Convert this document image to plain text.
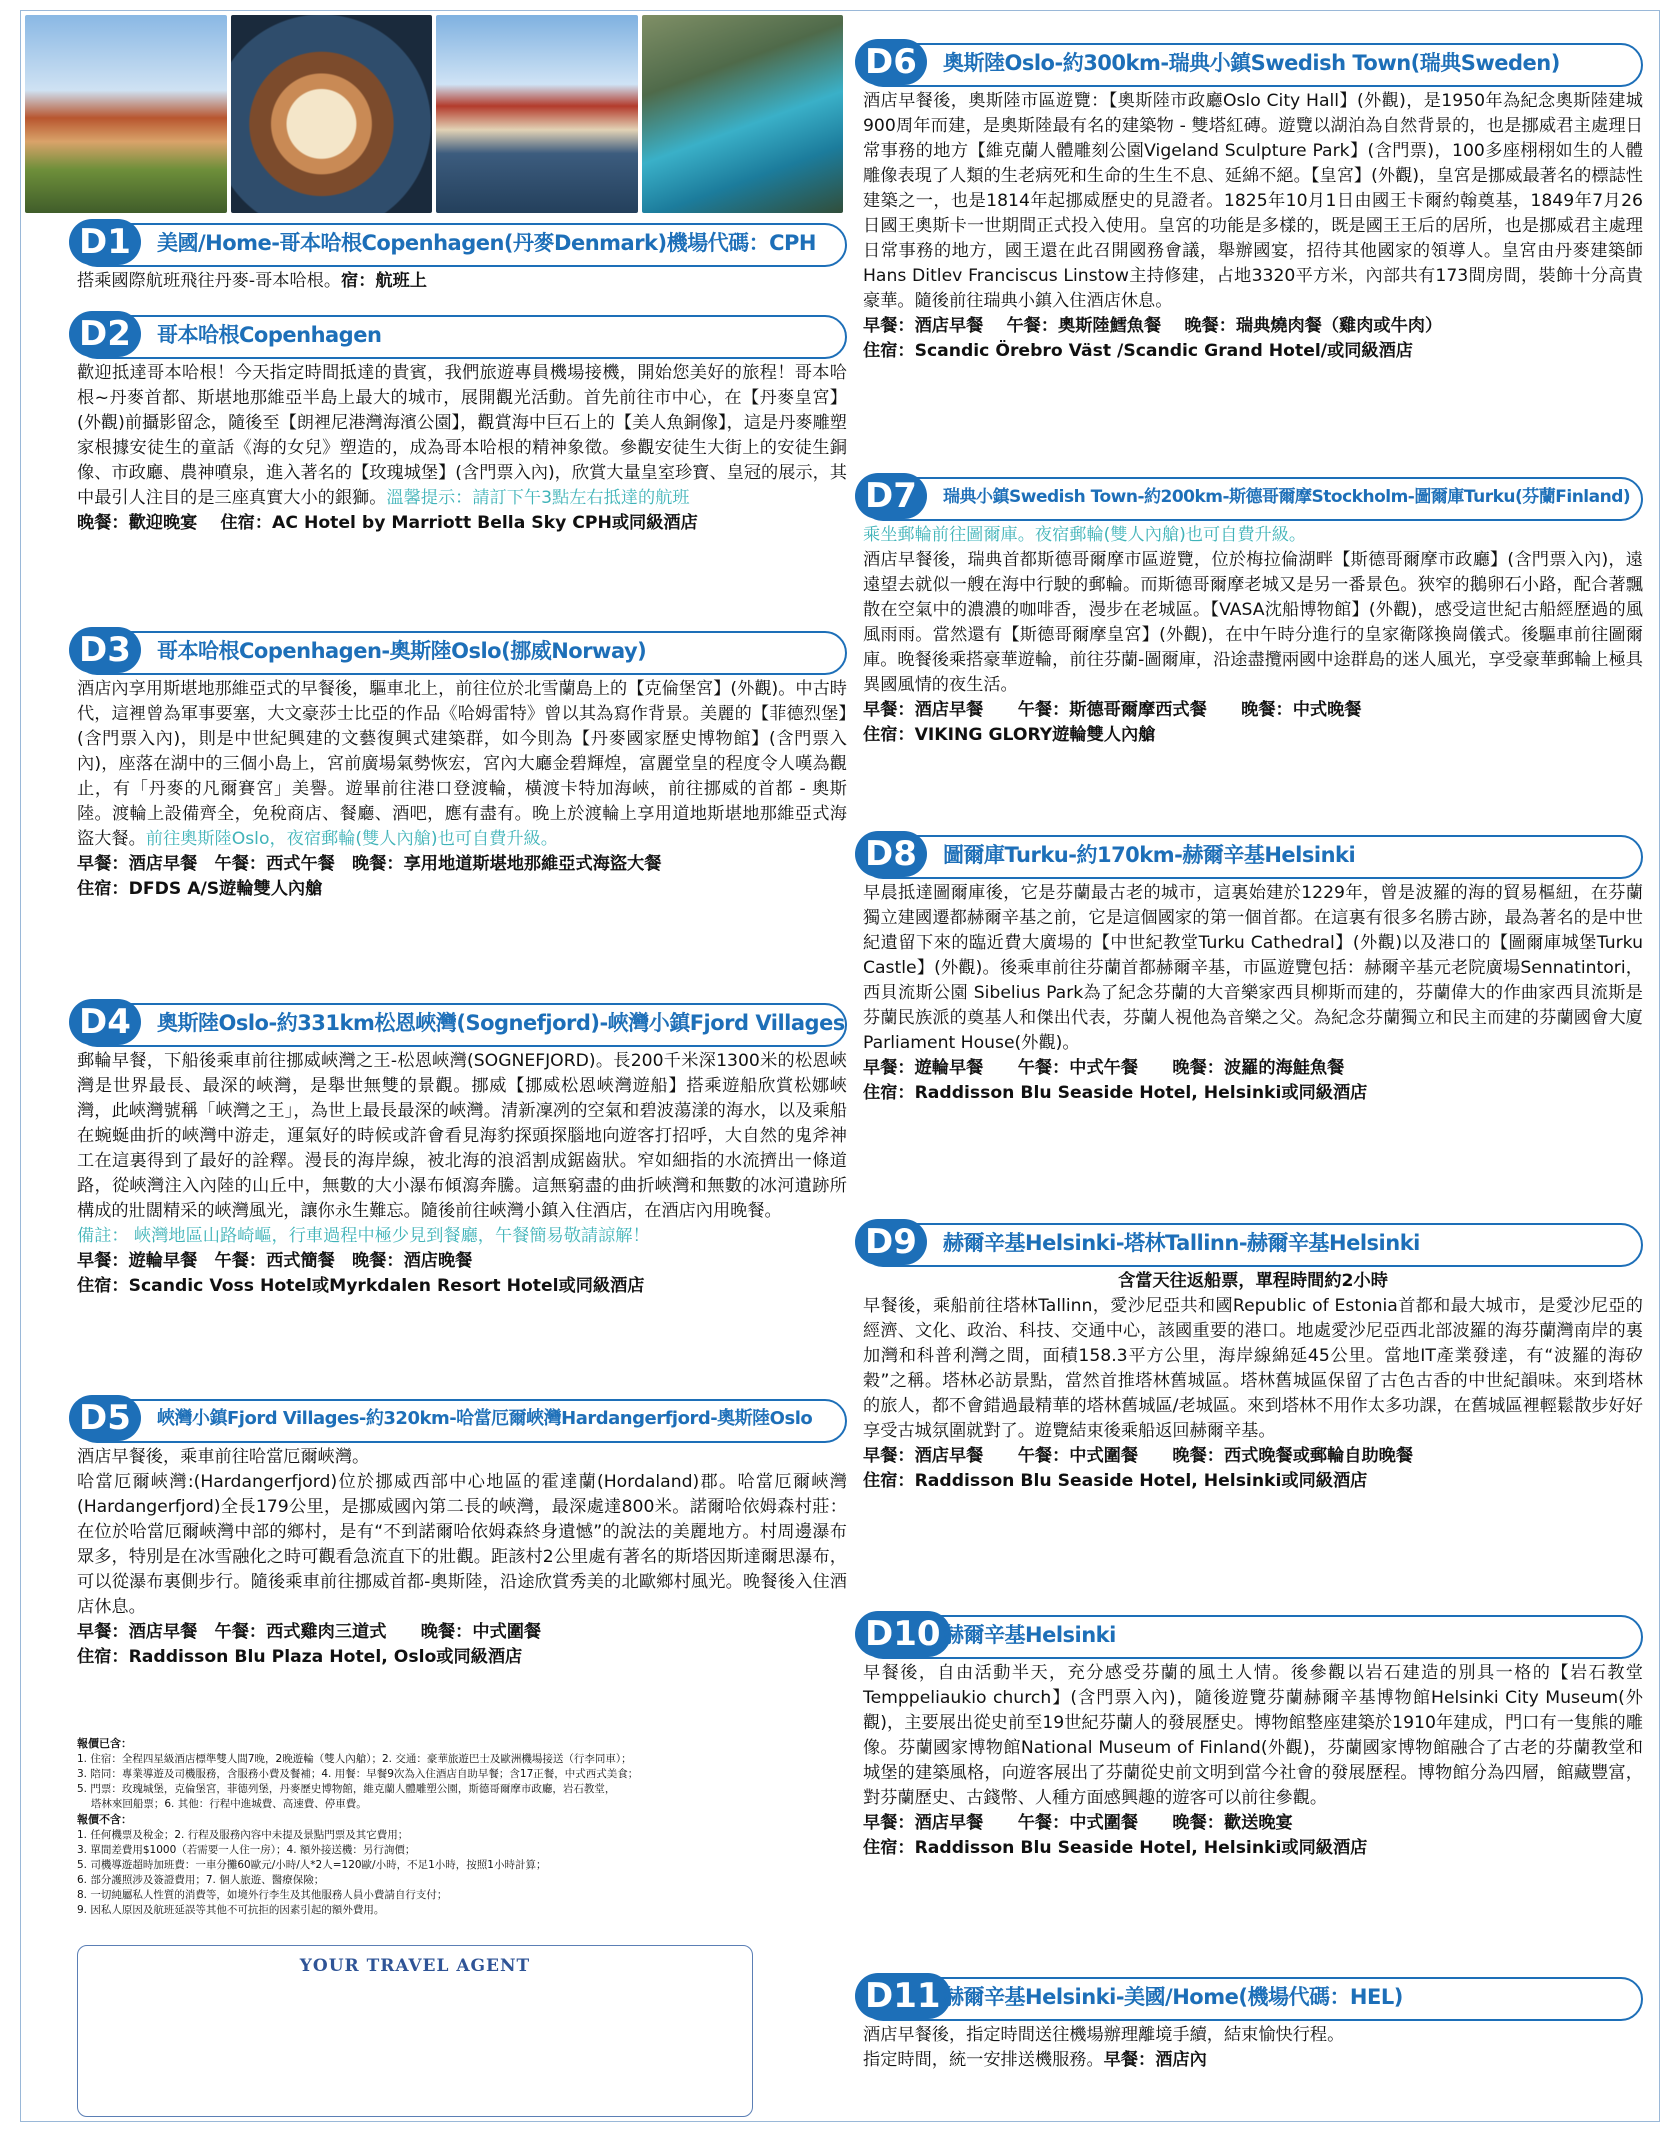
D1	美國/Home-哥本哈根Copenhagen(丹麥Denmark)機場代碼：CPH

搭乘國際航班飛往丹麥-哥本哈根。宿：航班上

D2	哥本哈根Copenhagen

歡迎抵達哥本哈根！今天指定時間抵達的貴賓，我們旅遊專員機場接機，開始您美好的旅程！哥本哈根~丹麥首都、斯堪地那維亞半島上最大的城市，展開觀光活動。首先前往市中心，在【丹麥皇宮】(外觀)前攝影留念，隨後至【朗裡尼港灣海濱公園】，觀賞海中巨石上的【美人魚銅像】，這是丹麥雕塑家根據安徒生的童話《海的女兒》塑造的，成為哥本哈根的精神象徵。參觀安徒生大街上的安徒生銅像、市政廳、農神噴泉，進入著名的【玫瑰城堡】(含門票入內)，欣賞大量皇室珍寶、皇冠的展示，其中最引人注目的是三座真實大小的銀獅。溫馨提示：請訂下午3點左右抵達的航班

晚餐：歡迎晚宴　 住宿：AC Hotel by Marriott Bella Sky CPH或同級酒店

D3	哥本哈根Copenhagen-奧斯陸Oslo(挪威Norway)

酒店內享用斯堪地那維亞式的早餐後，驅車北上，前往位於北雪蘭島上的【克倫堡宮】(外觀)。中古時代，這裡曾為軍事要塞，大文豪莎士比亞的作品《哈姆雷特》曾以其為寫作背景。美麗的【菲德烈堡】(含門票入內)，則是中世紀興建的文藝復興式建築群，如今則為【丹麥國家歷史博物館】(含門票入內)，座落在湖中的三個小島上，宮前廣場氣勢恢宏，宮內大廳金碧輝煌，富麗堂皇的程度令人嘆為觀止，有「丹麥的凡爾賽宮」美譽。遊畢前往港口登渡輪，橫渡卡特加海峽，前往挪威的首都 - 奧斯陸。渡輪上設備齊全，免稅商店、餐廳、酒吧，應有盡有。晚上於渡輪上享用道地斯堪地那維亞式海盜大餐。前往奧斯陸Oslo，夜宿郵輪(雙人內艙)也可自費升級。

早餐：酒店早餐　午餐：西式午餐　晚餐：享用地道斯堪地那維亞式海盜大餐

住宿：DFDS A/S遊輪雙人內艙

D4	奧斯陸Oslo-約331km松恩峽灣(Sognefjord)-峽灣小鎮Fjord Villages

郵輪早餐，下船後乘車前往挪威峽灣之王-松恩峽灣(SOGNEFJORD)。長200千米深1300米的松恩峽灣是世界最長、最深的峽灣，是舉世無雙的景觀。挪威【挪威松恩峽灣遊船】搭乘遊船欣賞松娜峽灣，此峽灣號稱「峽灣之王」，為世上最長最深的峽灣。清新凜冽的空氣和碧波蕩漾的海水，以及乘船在蜿蜒曲折的峽灣中游走，運氣好的時候或許會看見海豹探頭探腦地向遊客打招呼，大自然的鬼斧神工在這裏得到了最好的詮釋。漫長的海岸線，被北海的浪滔割成鋸齒狀。窄如細指的水流擠出一條道路，從峽灣注入內陸的山丘中，無數的大小瀑布傾瀉奔騰。這無窮盡的曲折峽灣和無數的冰河遺跡所構成的壯闊精采的峽灣風光，讓你永生難忘。隨後前往峽灣小鎮入住酒店，在酒店內用晚餐。

備註： 峽灣地區山路崎嶇，行車過程中極少見到餐廳，午餐簡易敬請諒解！

早餐：遊輪早餐　午餐：西式簡餐　晚餐：酒店晚餐

住宿：Scandic Voss Hotel或Myrkdalen Resort Hotel或同級酒店

D5	峽灣小鎮Fjord Villages-約320km-哈當厄爾峽灣Hardangerfjord-奧斯陸Oslo

酒店早餐後，乘車前往哈當厄爾峽灣。

哈當厄爾峽灣:(Hardangerfjord)位於挪威西部中心地區的霍達蘭(Hordaland)郡。哈當厄爾峽灣(Hardangerfjord)全長179公里，是挪威國內第二長的峽灣，最深處達800米。諾爾哈依姆森村莊：在位於哈當厄爾峽灣中部的鄉村，是有“不到諾爾哈依姆森終身遺憾”的說法的美麗地方。村周邊瀑布眾多，特別是在冰雪融化之時可觀看急流直下的壯觀。距該村2公里處有著名的斯塔因斯達爾思瀑布，可以從瀑布裏側步行。隨後乘車前往挪威首都-奧斯陸，沿途欣賞秀美的北歐鄉村風光。晚餐後入住酒店休息。

早餐：酒店早餐　午餐：西式雞肉三道式　　晚餐：中式圍餐

住宿：Raddisson Blu Plaza Hotel, Oslo或同級酒店

報價已含：
1. 住宿：全程四星級酒店標準雙人間7晚，2晚遊輪（雙人內艙）；2. 交通：豪華旅遊巴士及歐洲機場接送（行李同車）；
3. 陪同：專業導遊及司機服務，含服務小費及餐補；4. 用餐：早餐9次為入住酒店自助早餐；含17正餐，中式西式美食；
5. 門票：玫瑰城堡，克倫堡宮，菲德列堡，丹麥歷史博物館，維克蘭人體雕塑公園，斯德哥爾摩市政廳，岩石教堂，
　 塔林來回船票；6. 其他：行程中進城費、高速費、停車費。
報價不含：
1. 任何機票及稅金；2. 行程及服務內容中未提及景點門票及其它費用；
3. 單間差費用$1000（若需要一人住一房）；4. 額外接送機：另行詢價；
5. 司機導遊超時加班費：一車分攤60歐元/小時/人*2人=120歐/小時，不足1小時，按照1小時計算；
6. 部分護照涉及簽證費用；7. 個人旅遊、醫療保險；
8. 一切純屬私人性質的消費等，如境外行李生及其他服務人員小費請自行支付；
9. 因私人原因及航班延誤等其他不可抗拒的因素引起的額外費用。
YOUR TRAVEL AGENT
D6	奧斯陸Oslo-約300km-瑞典小鎮Swedish Town(瑞典Sweden)

酒店早餐後，奧斯陸市區遊覽：【奧斯陸市政廳Oslo City Hall】(外觀)，是1950年為紀念奧斯陸建城900周年而建，是奧斯陸最有名的建築物 - 雙塔紅磚。遊覽以湖泊為自然背景的，也是挪威君主處理日常事務的地方【維克蘭人體雕刻公園Vigeland Sculpture Park】(含門票)，100多座栩栩如生的人體雕像表現了人類的生老病死和生命的生生不息、延綿不絕。【皇宮】(外觀)，皇宮是挪威最著名的標誌性建築之一，也是1814年起挪威歷史的見證者。1825年10月1日由國王卡爾約翰奠基，1849年7月26日國王奧斯卡一世期間正式投入使用。皇宮的功能是多樣的，既是國王王后的居所，也是挪威君主處理日常事務的地方，國王還在此召開國務會議，舉辦國宴，招待其他國家的領導人。皇宮由丹麥建築師Hans Ditlev Franciscus Linstow主持修建，占地3320平方米，內部共有173間房間，裝飾十分高貴豪華。隨後前往瑞典小鎮入住酒店休息。

早餐：酒店早餐　 午餐：奧斯陸鱈魚餐　 晚餐：瑞典燒肉餐（雞肉或牛肉）

住宿：Scandic Örebro Väst /Scandic Grand Hotel/或同級酒店

D7	瑞典小鎮Swedish Town-約200km-斯德哥爾摩Stockholm-圖爾庫Turku(芬蘭Finland)

乘坐郵輪前往圖爾庫。夜宿郵輪(雙人內艙)也可自費升級。

酒店早餐後，瑞典首都斯德哥爾摩市區遊覽，位於梅拉倫湖畔【斯德哥爾摩市政廳】(含門票入內)，遠遠望去就似一艘在海中行駛的郵輪。而斯德哥爾摩老城又是另一番景色。狹窄的鵝卵石小路，配合著飄散在空氣中的濃濃的咖啡香，漫步在老城區。【VASA沈船博物館】(外觀)，感受這世紀古船經歷過的風風雨雨。當然還有【斯德哥爾摩皇宮】(外觀)，在中午時分進行的皇家衛隊換崗儀式。後驅車前往圖爾庫。晚餐後乘搭豪華遊輪，前往芬蘭-圖爾庫，沿途盡攬兩國中途群島的迷人風光，享受豪華郵輪上極具異國風情的夜生活。

早餐：酒店早餐　　午餐：斯德哥爾摩西式餐　　晚餐：中式晚餐

住宿：VIKING GLORY遊輪雙人內艙

D8	圖爾庫Turku-約170km-赫爾辛基Helsinki

早晨抵達圖爾庫後，它是芬蘭最古老的城市，這裏始建於1229年，曾是波羅的海的貿易樞紐，在芬蘭獨立建國遷都赫爾辛基之前，它是這個國家的第一個首都。在這裏有很多名勝古跡，最為著名的是中世紀遺留下來的臨近費大廣場的【中世紀教堂Turku Cathedral】(外觀)以及港口的【圖爾庫城堡Turku Castle】(外觀)。後乘車前往芬蘭首都赫爾辛基，市區遊覽包括：赫爾辛基元老院廣場Sennatintori，西貝流斯公園 Sibelius Park為了紀念芬蘭的大音樂家西貝柳斯而建的，芬蘭偉大的作曲家西貝流斯是芬蘭民族派的奠基人和傑出代表，芬蘭人視他為音樂之父。為紀念芬蘭獨立和民主而建的芬蘭國會大廈Parliament House(外觀)。

早餐：遊輪早餐　　午餐：中式午餐　　晚餐：波羅的海鮭魚餐

住宿：Raddisson Blu Seaside Hotel, Helsinki或同級酒店

D9	赫爾辛基Helsinki-塔林Tallinn-赫爾辛基Helsinki

含當天往返船票，單程時間約2小時

早餐後，乘船前往塔林Tallinn，愛沙尼亞共和國Republic of Estonia首都和最大城市，是愛沙尼亞的經濟、文化、政治、科技、交通中心，該國重要的港口。地處愛沙尼亞西北部波羅的海芬蘭灣南岸的裏加灣和科普利灣之間，面積158.3平方公里，海岸線綿延45公里。當地IT產業發達，有“波羅的海矽穀”之稱。塔林必訪景點，當然首推塔林舊城區。塔林舊城區保留了古色古香的中世紀韻味。來到塔林的旅人，都不會錯過最精華的塔林舊城區/老城區。來到塔林不用作太多功課，在舊城區裡輕鬆散步好好享受古城氛圍就對了。遊覽結束後乘船返回赫爾辛基。

早餐：酒店早餐　　午餐：中式圍餐　　晚餐：西式晚餐或郵輪自助晚餐

住宿：Raddisson Blu Seaside Hotel, Helsinki或同級酒店

D10 赫爾辛基Helsinki

早餐後，自由活動半天，充分感受芬蘭的風土人情。後參觀以岩石建造的別具一格的【岩石教堂Temppeliaukio church】(含門票入內)，隨後遊覽芬蘭赫爾辛基博物館Helsinki City Museum(外觀)，主要展出從史前至19世紀芬蘭人的發展歷史。博物館整座建築於1910年建成，門口有一隻熊的雕像。芬蘭國家博物館National Museum of Finland(外觀)，芬蘭國家博物館融合了古老的芬蘭教堂和城堡的建築風格，向遊客展出了芬蘭從史前文明到當今社會的發展歷程。博物館分為四層，館藏豐富，對芬蘭歷史、古錢幣、人種方面感興趣的遊客可以前往參觀。

早餐：酒店早餐　　午餐：中式圍餐　　晚餐：歡送晚宴

住宿：Raddisson Blu Seaside Hotel, Helsinki或同級酒店

D11 赫爾辛基Helsinki-美國/Home(機場代碼：HEL)

酒店早餐後，指定時間送往機場辦理離境手續，結束愉快行程。

指定時間，統一安排送機服務。早餐：酒店內
